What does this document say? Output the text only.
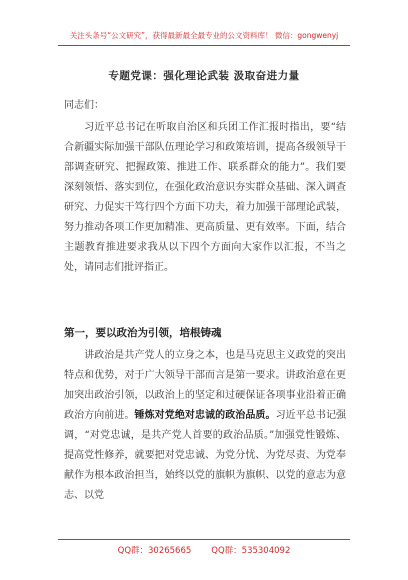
关注头条号“公文研究”，获得最新最全最专业的公文资料库！ 微信：gongwenyj
专题党课：强化理论武装 汲取奋进力量
同志们：
习近平总书记在听取自治区和兵团工作汇报时指出，要“结合新疆实际加强干部队伍理论学习和政策培训，提高各级领导干部调查研究、把握政策、推进工作、联系群众的能力”。我们要深刻领悟、落实到位，在强化政治意识夯实群众基础、深入调查研究、力促实干笃行四个方面下功夫，着力加强干部理论武装，努力推动各项工作更加精准、更高质量、更有效率。下面，结合主题教育推进要求我从以下四个方面向大家作以汇报，不当之处，请同志们批评指正。
第一，要以政治为引领，培根铸魂
讲政治是共产党人的立身之本，也是马克思主义政党的突出特点和优势，对于广大领导干部而言是第一要求。讲政治意在更加突出政治引领，以政治上的坚定和过硬保证各项事业沿着正确政治方向前进。锤炼对党绝对忠诚的政治品质。习近平总书记强调，“对党忠诚，是共产党人首要的政治品质。”加强党性锻炼、提高党性修养，就要把对党忠诚、为党分忧、为党尽责、为党奉献作为根本政治担当，始终以党的旗帜为旗帜、以党的意志为意志、以党
QQ群：30265665 QQ群：535304092
